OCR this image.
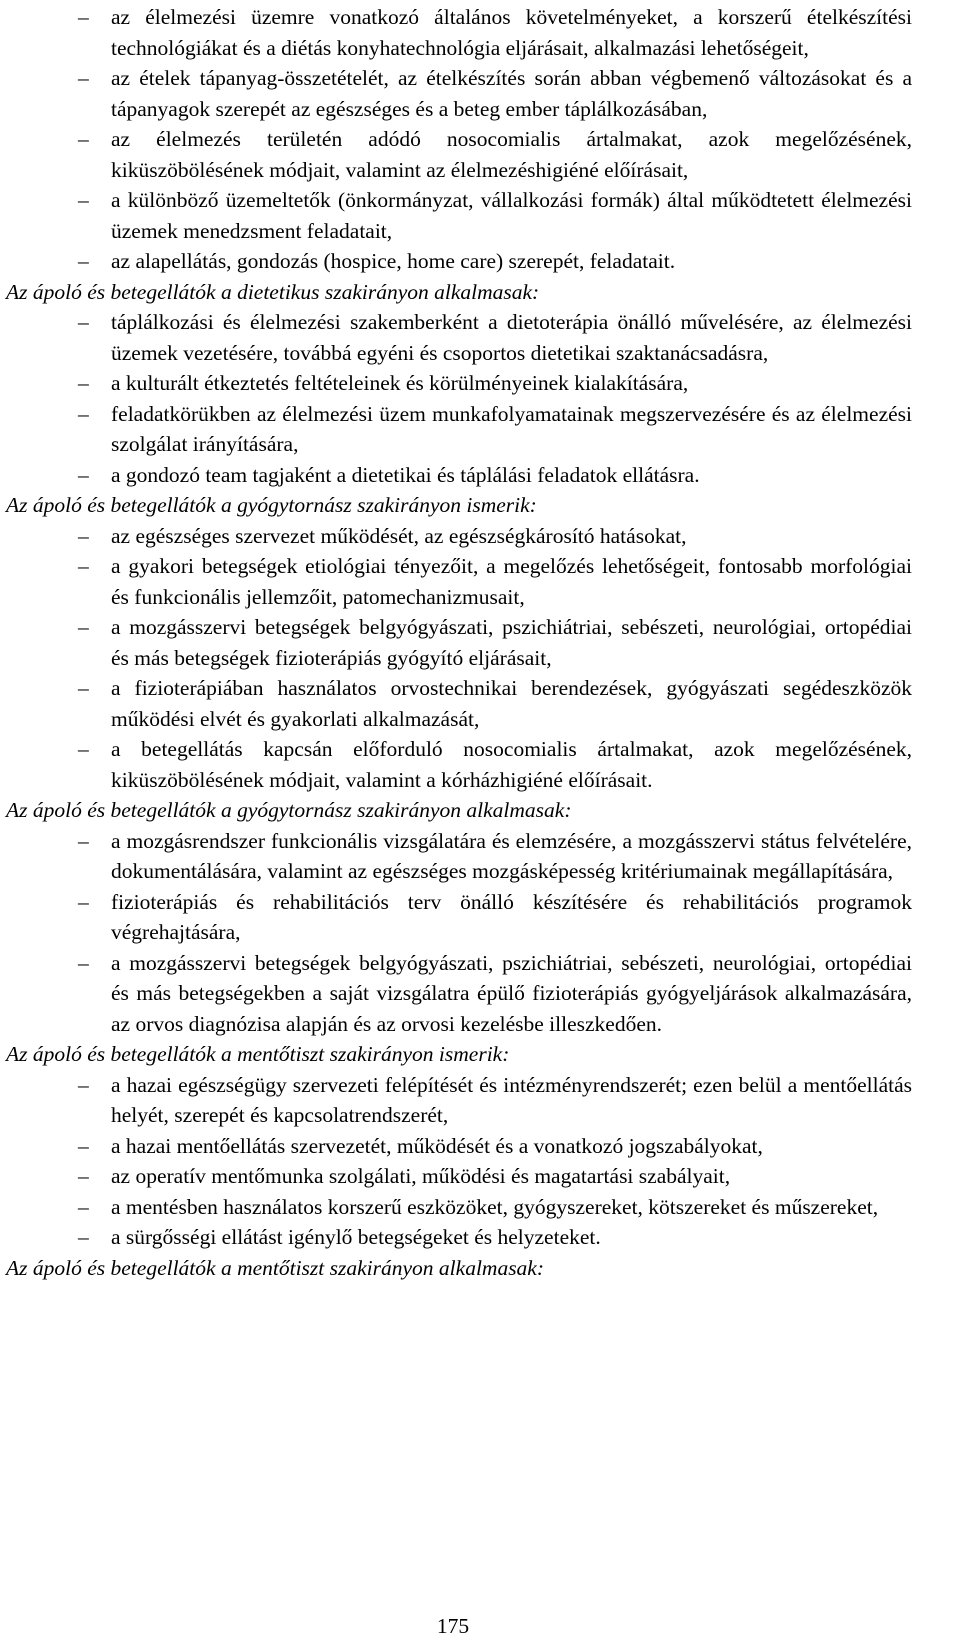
– az élelmezési üzemre vonatkozó általános követelményeket, a korszerű ételkészítési technológiákat és a diétás konyhatechnológia eljárásait, alkalmazási lehetőségeit,
– az ételek tápanyag-összetételét, az ételkészítés során abban végbemenő változásokat és a tápanyagok szerepét az egészséges és a beteg ember táplálkozásában,
– az élelmezés területén adódó nosocomialis ártalmakat, azok megelőzésének, kiküszöbölésének módjait, valamint az élelmezéshigiéné előírásait,
– a különböző üzemeltetők (önkormányzat, vállalkozási formák) által működtetett élelmezési üzemek menedzsment feladatait,
– az alapellátás, gondozás (hospice, home care) szerepét, feladatait.

Az ápoló és betegellátók a dietetikus szakirányon alkalmasak:

– táplálkozási és élelmezési szakemberként a dietoterápia önálló művelésére, az élelmezési üzemek vezetésére, továbbá egyéni és csoportos dietetikai szaktanácsadásra,
– a kulturált étkeztetés feltételeinek és körülményeinek kialakítására,
– feladatkörükben az élelmezési üzem munkafolyamatainak megszervezésére és az élelmezési szolgálat irányítására,
– a gondozó team tagjaként a dietetikai és táplálási feladatok ellátásra.

Az ápoló és betegellátók a gyógytornász szakirányon ismerik:

– az egészséges szervezet működését, az egészségkárosító hatásokat,
– a gyakori betegségek etiológiai tényezőit, a megelőzés lehetőségeit, fontosabb morfológiai és funkcionális jellemzőit, patomechanizmusait,
– a mozgásszervi betegségek belgyógyászati, pszichiátriai, sebészeti, neurológiai, ortopédiai és más betegségek fizioterápiás gyógyító eljárásait,
– a fizioterápiában használatos orvostechnikai berendezések, gyógyászati segédeszközök működési elvét és gyakorlati alkalmazását,
– a betegellátás kapcsán előforduló nosocomialis ártalmakat, azok megelőzésének, kiküszöbölésének módjait, valamint a kórházhigiéné előírásait.

Az ápoló és betegellátók a gyógytornász szakirányon alkalmasak:

– a mozgásrendszer funkcionális vizsgálatára és elemzésére, a mozgásszervi státus felvételére, dokumentálására, valamint az egészséges mozgásképesség kritériumainak megállapítására,
– fizioterápiás és rehabilitációs terv önálló készítésére és rehabilitációs programok végrehajtására,
– a mozgásszervi betegségek belgyógyászati, pszichiátriai, sebészeti, neurológiai, ortopédiai és más betegségekben a saját vizsgálatra épülő fizioterápiás gyógyeljárások alkalmazására, az orvos diagnózisa alapján és az orvosi kezelésbe illeszkedően.

Az ápoló és betegellátók a mentőtiszt szakirányon ismerik:

– a hazai egészségügy szervezeti felépítését és intézményrendszerét; ezen belül a mentőellátás helyét, szerepét és kapcsolatrendszerét,
– a hazai mentőellátás szervezetét, működését és a vonatkozó jogszabályokat,
– az operatív mentőmunka szolgálati, működési és magatartási szabályait,
– a mentésben használatos korszerű eszközöket, gyógyszereket, kötszereket és műszereket,
– a sürgősségi ellátást igénylő betegségeket és helyzeteket.

Az ápoló és betegellátók a mentőtiszt szakirányon alkalmasak:

175
